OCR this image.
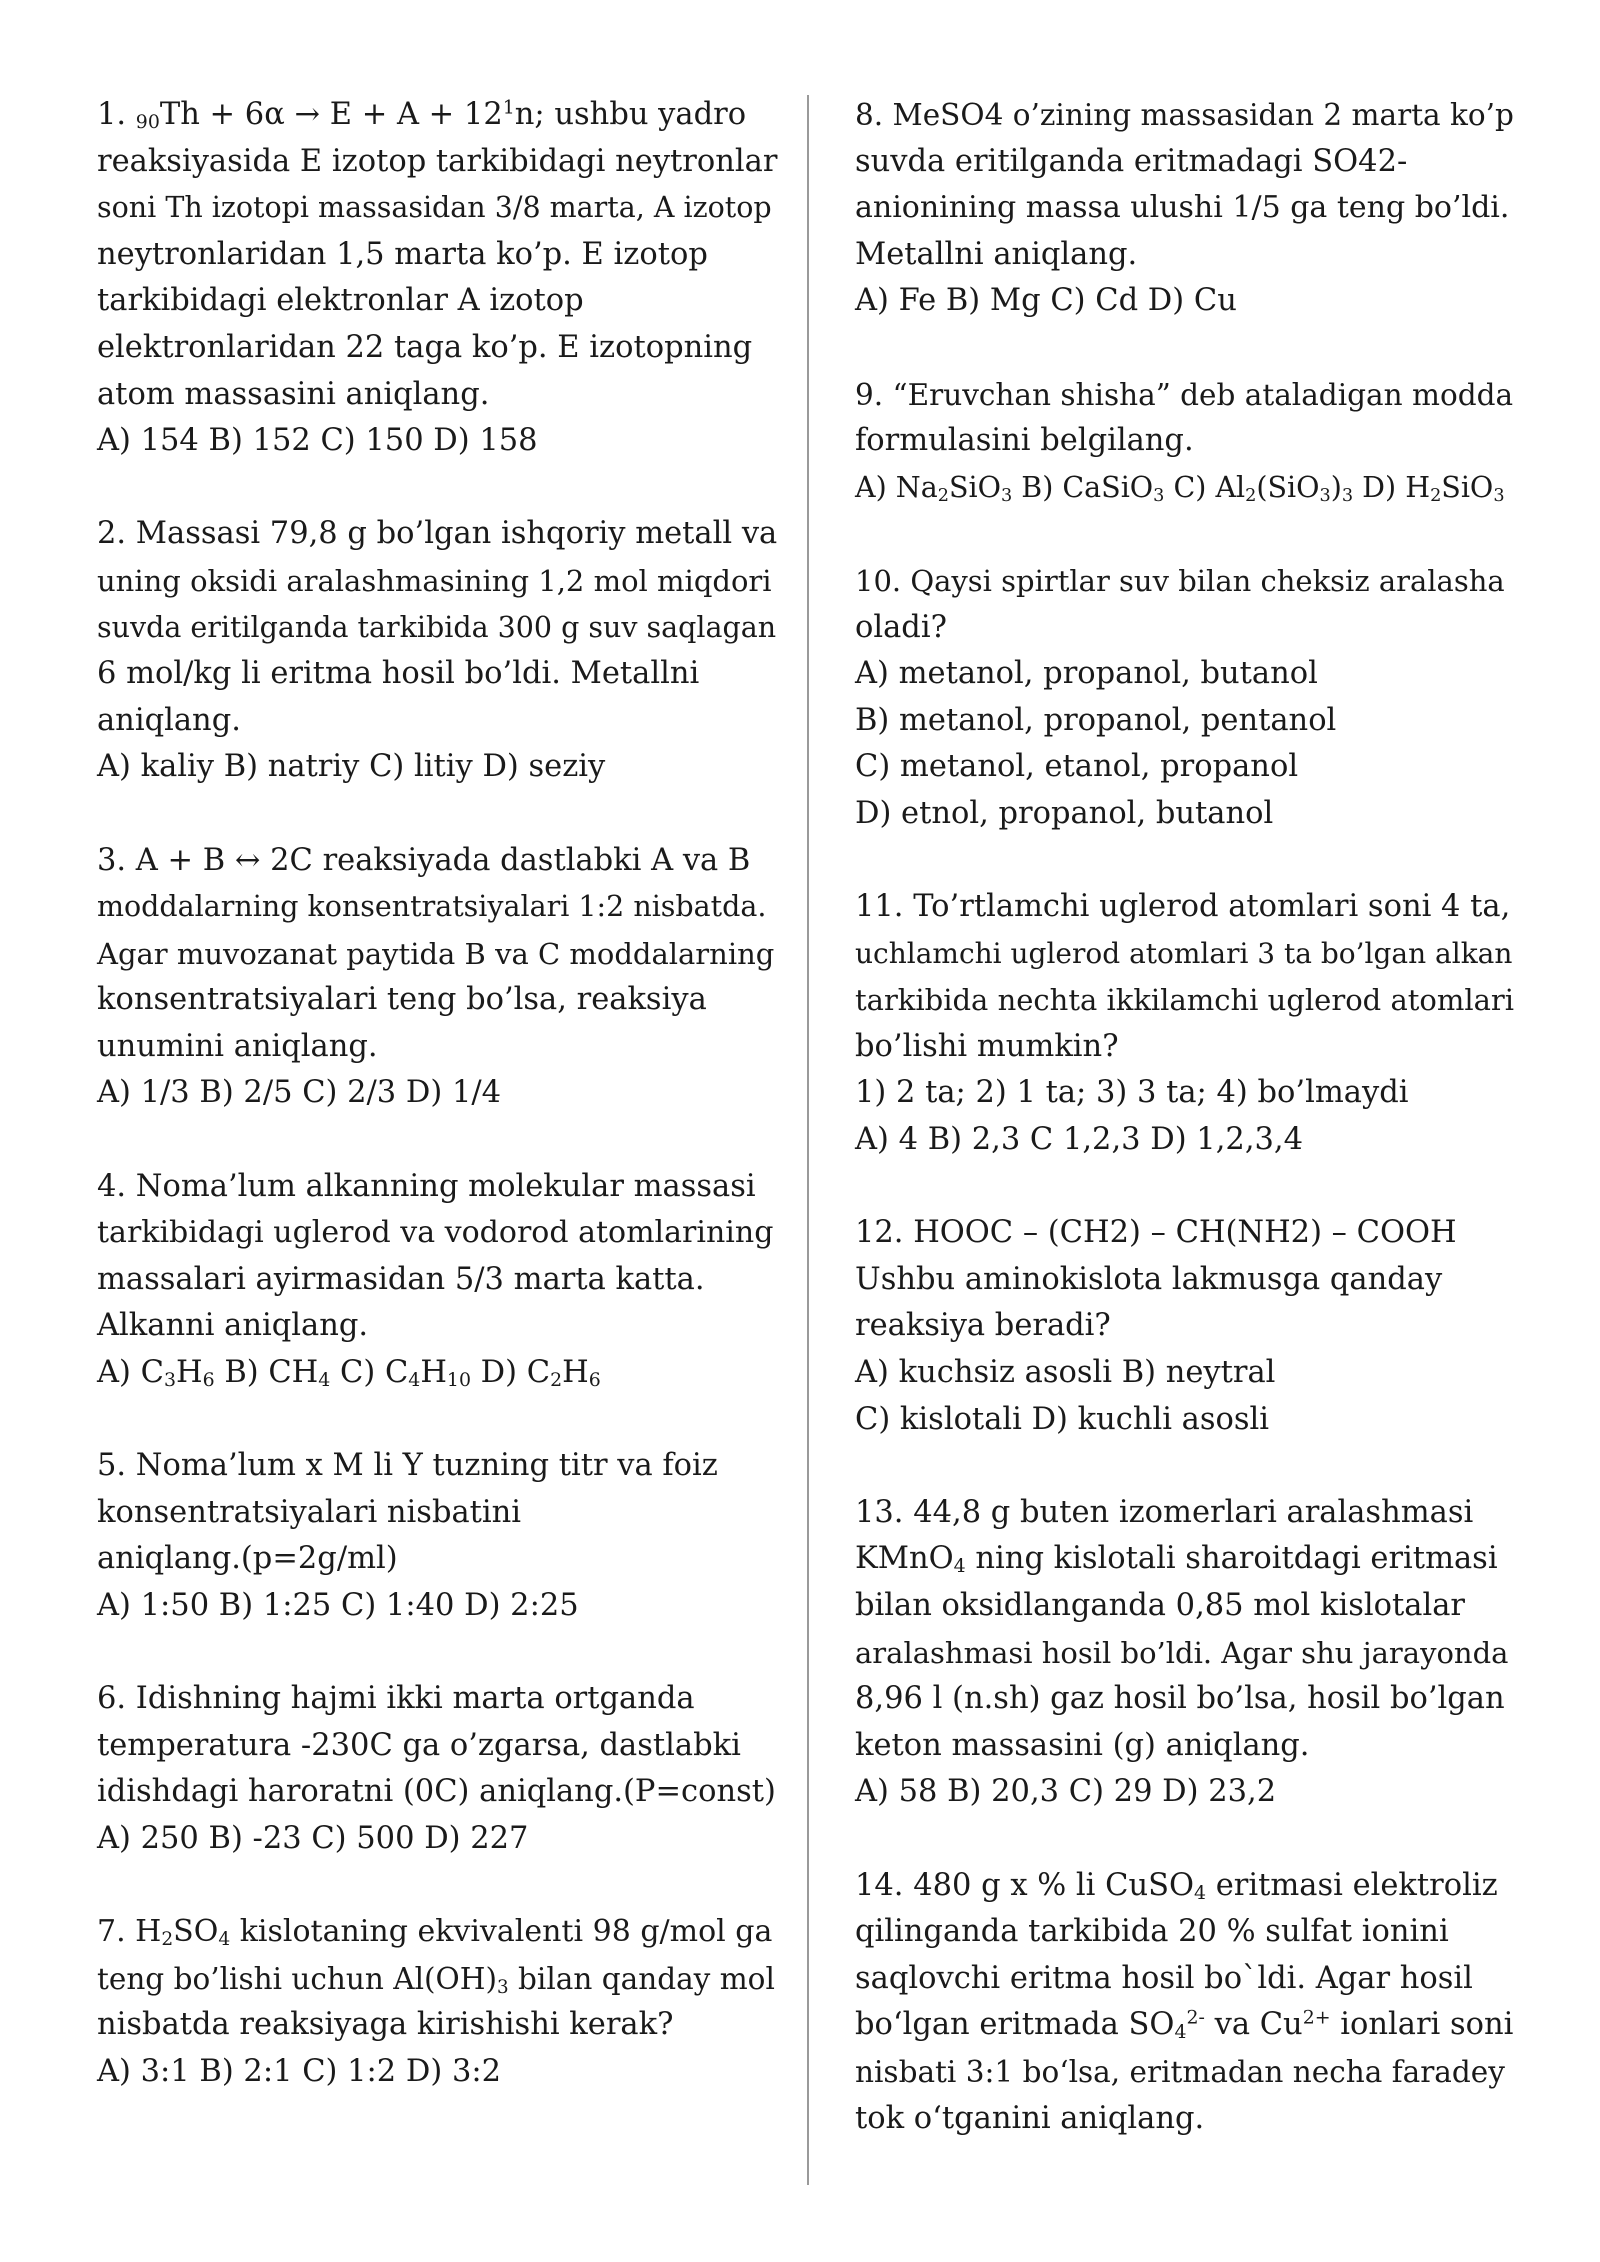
1. $_{90}Th + 6\alpha \to E + A + 12^1n$; ushbu yadro
reaksiyasida E izotop tarkibidagi neytronlar
soni Th izotopi massasidan 3/8 marta, A izotop
neytronlaridan 1,5 marta ko’p. E izotop
tarkibidagi elektronlar A izotop
elektronlaridan 22 taga ko’p. E izotopning
atom massasini aniqlang.
A) 154 B) 152 C) 150 D) 158
2. Massasi 79,8 g bo’lgan ishqoriy metall va
uning oksidi aralashmasining 1,2 mol miqdori
suvda eritilganda tarkibida 300 g suv saqlagan
6 mol/kg li eritma hosil bo’ldi. Metallni
aniqlang.
A) kaliy B) natriy C) litiy D) seziy
3. A + B ↔ 2C reaksiyada dastlabki A va B
moddalarning konsentratsiyalari 1:2 nisbatda.
Agar muvozanat paytida B va C moddalarning
konsentratsiyalari teng bo’lsa, reaksiya
unumini aniqlang.
A) 1/3 B) 2/5 C) 2/3 D) 1/4
4. Noma’lum alkanning molekular massasi
tarkibidagi uglerod va vodorod atomlarining
massalari ayirmasidan 5/3 marta katta.
Alkanni aniqlang.
A) $C_3H_6$ B) $CH_4$ C) $C_4H_{10}$ D) $C_2H_6$
5. Noma’lum x M li Y tuzning titr va foiz
konsentratsiyalari nisbatini
aniqlang.(p=2g/ml)
A) 1:50 B) 1:25 C) 1:40 D) 2:25
6. Idishning hajmi ikki marta ortganda
temperatura -230C ga o’zgarsa, dastlabki
idishdagi haroratni (0C) aniqlang.(P=const)
A) 250 B) -23 C) 500 D) 227
7. $H_2SO_4$ kislotaning ekvivalenti 98 g/mol ga
teng bo’lishi uchun $Al(OH)_3$ bilan qanday mol
nisbatda reaksiyaga kirishishi kerak?
A) 3:1 B) 2:1 C) 1:2 D) 3:2
8. MeSO4 o’zining massasidan 2 marta ko’p
suvda eritilganda eritmadagi SO42-
anionining massa ulushi 1/5 ga teng bo’ldi.
Metallni aniqlang.
A) Fe B) Mg C) Cd D) Cu
9. “Eruvchan shisha” deb ataladigan modda
formulasini belgilang.
A) $Na_2SiO_3$ B) CaSiO$_3$ C) $Al_2(SiO_3)_3$ D) $H_2SiO_3$
10. Qaysi spirtlar suv bilan cheksiz aralasha
oladi?
A) metanol, propanol, butanol
B) metanol, propanol, pentanol
C) metanol, etanol, propanol
D) etnol, propanol, butanol
11. To’rtlamchi uglerod atomlari soni 4 ta,
uchlamchi uglerod atomlari 3 ta bo’lgan alkan
tarkibida nechta ikkilamchi uglerod atomlari
bo’lishi mumkin?
1) 2 ta; 2) 1 ta; 3) 3 ta; 4) bo’lmaydi
A) 4 B) 2,3 C 1,2,3 D) 1,2,3,4
12. HOOC – (CH2) – CH(NH2) – COOH
Ushbu aminokislota lakmusga qanday
reaksiya beradi?
A) kuchsiz asosli B) neytral
C) kislotali D) kuchli asosli
13. 44,8 g buten izomerlari aralashmasi
KMnO$_4$ ning kislotali sharoitdagi eritmasi
bilan oksidlanganda 0,85 mol kislotalar
aralashmasi hosil bo’ldi. Agar shu jarayonda
8,96 l (n.sh) gaz hosil bo’lsa, hosil bo’lgan
keton massasini (g) aniqlang.
A) 58 B) 20,3 C) 29 D) 23,2
14. 480 g x % li CuSO$_4$ eritmasi elektroliz
qilinganda tarkibida 20 % sulfat ionini
saqlovchi eritma hosil bo`ldi. Agar hosil
bo‘lgan eritmada $SO_4^{2-}$ va $Cu^{2+}$ ionlari soni
nisbati 3:1 bo‘lsa, eritmadan necha faradey
tok o‘tganini aniqlang.
